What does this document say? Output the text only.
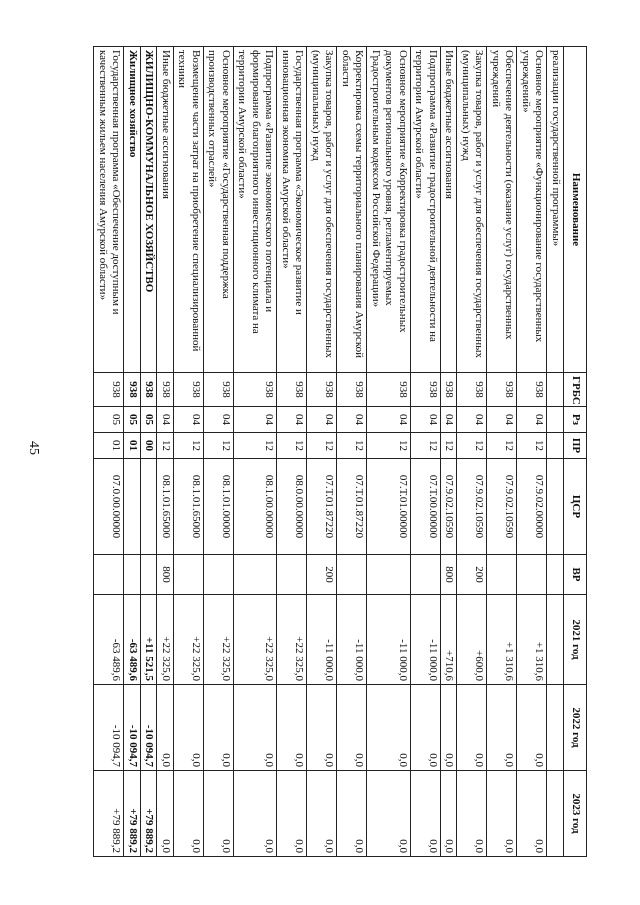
45
Наименование	ГРБС	Рз	ПР	ЦСР	ВР	2021 год	2022 год	2023 год
реализации государственной программы»								
Основное мероприятие «Функционирование государственных учреждений»	938	04	12	07.9.02.00000		+1 310,6	0,0	0,0
Обеспечение деятельности (оказание услуг) государственных учреждений	938	04	12	07.9.02.10590		+1 310,6	0,0	0,0
Закупка товаров, работ и услуг для обеспечения государственных (муниципальных) нужд	938	04	12	07.9.02.10590	200	+600,0	0,0	0,0
Иные бюджетные ассигнования	938	04	12	07.9.02.10590	800	+710,6	0,0	0,0
Подпрограмма «Развитие градостроительной деятельности на территории Амурской области»	938	04	12	07.Т.00.00000		-11 000,0	0,0	0,0
Основное мероприятие «Корректировка градостроительных документов регионального уровня, регламентируемых Градостроительным кодексом Российской Федерации»	938	04	12	07.Т.01.00000		-11 000,0	0,0	0,0
Корректировка схемы территориального планирования Амурской области	938	04	12	07.Т.01.87220		-11 000,0	0,0	0,0
Закупка товаров, работ и услуг для обеспечения государственных (муниципальных) нужд	938	04	12	07.Т.01.87220	200	-11 000,0	0,0	0,0
Государственная программа «Экономическое развитие и инновационная экономика Амурской области»	938	04	12	08.0.00.00000		+22 325,0	0,0	0,0
Подпрограмма «Развитие экономического потенциала и формирование благоприятного инвестиционного климата на территории Амурской области»	938	04	12	08.1.00.00000		+22 325,0	0,0	0,0
Основное мероприятие «Государственная поддержка производственных отраслей»	938	04	12	08.1.01.00000		+22 325,0	0,0	0,0
Возмещение части затрат на приобретение специализированной техники	938	04	12	08.1.01.65000		+22 325,0	0,0	0,0
Иные бюджетные ассигнования	938	04	12	08.1.01.65000	800	+22 325,0	0,0	0,0
ЖИЛИЩНО-КОММУНАЛЬНОЕ ХОЗЯЙСТВО	938	05	00			+11 521,5	-10 094,7	+79 889,2
Жилищное хозяйство	938	05	01			-63 489,6	-10 094,7	+79 889,2
Государственная программа «Обеспечение доступным и качественным жильем населения Амурской области»	938	05	01	07.0.00.00000		-63 489,6	-10 094,7	+79 889,2
